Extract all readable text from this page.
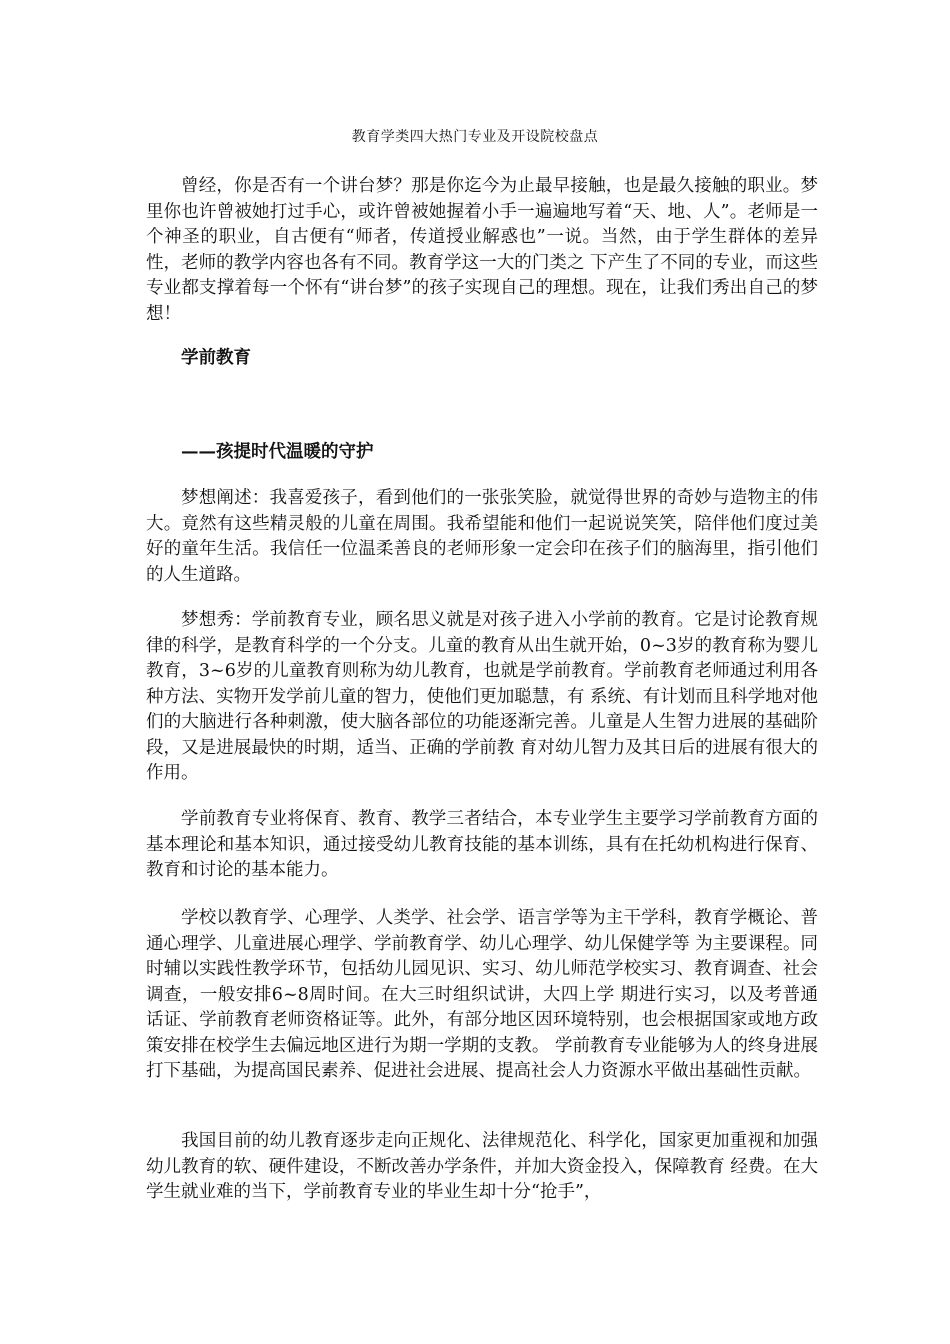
教育学类四大热门专业及开设院校盘点

曾经，你是否有一个讲台梦？那是你迄今为止最早接触，也是最久接触的职业。梦里你也许曾被她打过手心，或许曾被她握着小手一遍遍地写着“天、地、人”。老师是一个神圣的职业，自古便有“师者，传道授业解惑也”一说。当然，由于学生群体的差异性，老师的教学内容也各有不同。教育学这一大的门类之 下产生了不同的专业，而这些专业都支撑着每一个怀有“讲台梦”的孩子实现自己的理想。现在，让我们秀出自己的梦想！

学前教育
——孩提时代温暖的守护

梦想阐述：我喜爱孩子，看到他们的一张张笑脸，就觉得世界的奇妙与造物主的伟大。竟然有这些精灵般的儿童在周围。我希望能和他们一起说说笑笑，陪伴他们度过美好的童年生活。我信任一位温柔善良的老师形象一定会印在孩子们的脑海里，指引他们的人生道路。

梦想秀：学前教育专业，顾名思义就是对孩子进入小学前的教育。它是讨论教育规律的科学，是教育科学的一个分支。儿童的教育从出生就开始，0~3岁的教育称为婴儿教育，3~6岁的儿童教育则称为幼儿教育，也就是学前教育。学前教育老师通过利用各种方法、实物开发学前儿童的智力，使他们更加聪慧，有 系统、有计划而且科学地对他们的大脑进行各种刺激，使大脑各部位的功能逐渐完善。儿童是人生智力进展的基础阶段，又是进展最快的时期，适当、正确的学前教 育对幼儿智力及其日后的进展有很大的作用。

学前教育专业将保育、教育、教学三者结合，本专业学生主要学习学前教育方面的基本理论和基本知识，通过接受幼儿教育技能的基本训练，具有在托幼机构进行保育、教育和讨论的基本能力。

学校以教育学、心理学、人类学、社会学、语言学等为主干学科，教育学概论、普通心理学、儿童进展心理学、学前教育学、幼儿心理学、幼儿保健学等 为主要课程。同时辅以实践性教学环节，包括幼儿园见识、实习、幼儿师范学校实习、教育调查、社会调查，一般安排6~8周时间。在大三时组织试讲，大四上学 期进行实习，以及考普通话证、学前教育老师资格证等。此外，有部分地区因环境特别，也会根据国家或地方政策安排在校学生去偏远地区进行为期一学期的支教。 学前教育专业能够为人的终身进展打下基础，为提高国民素养、促进社会进展、提高社会人力资源水平做出基础性贡献。

我国目前的幼儿教育逐步走向正规化、法律规范化、科学化，国家更加重视和加强幼儿教育的软、硬件建设，不断改善办学条件，并加大资金投入，保障教育 经费。在大学生就业难的当下，学前教育专业的毕业生却十分“抢手”，
